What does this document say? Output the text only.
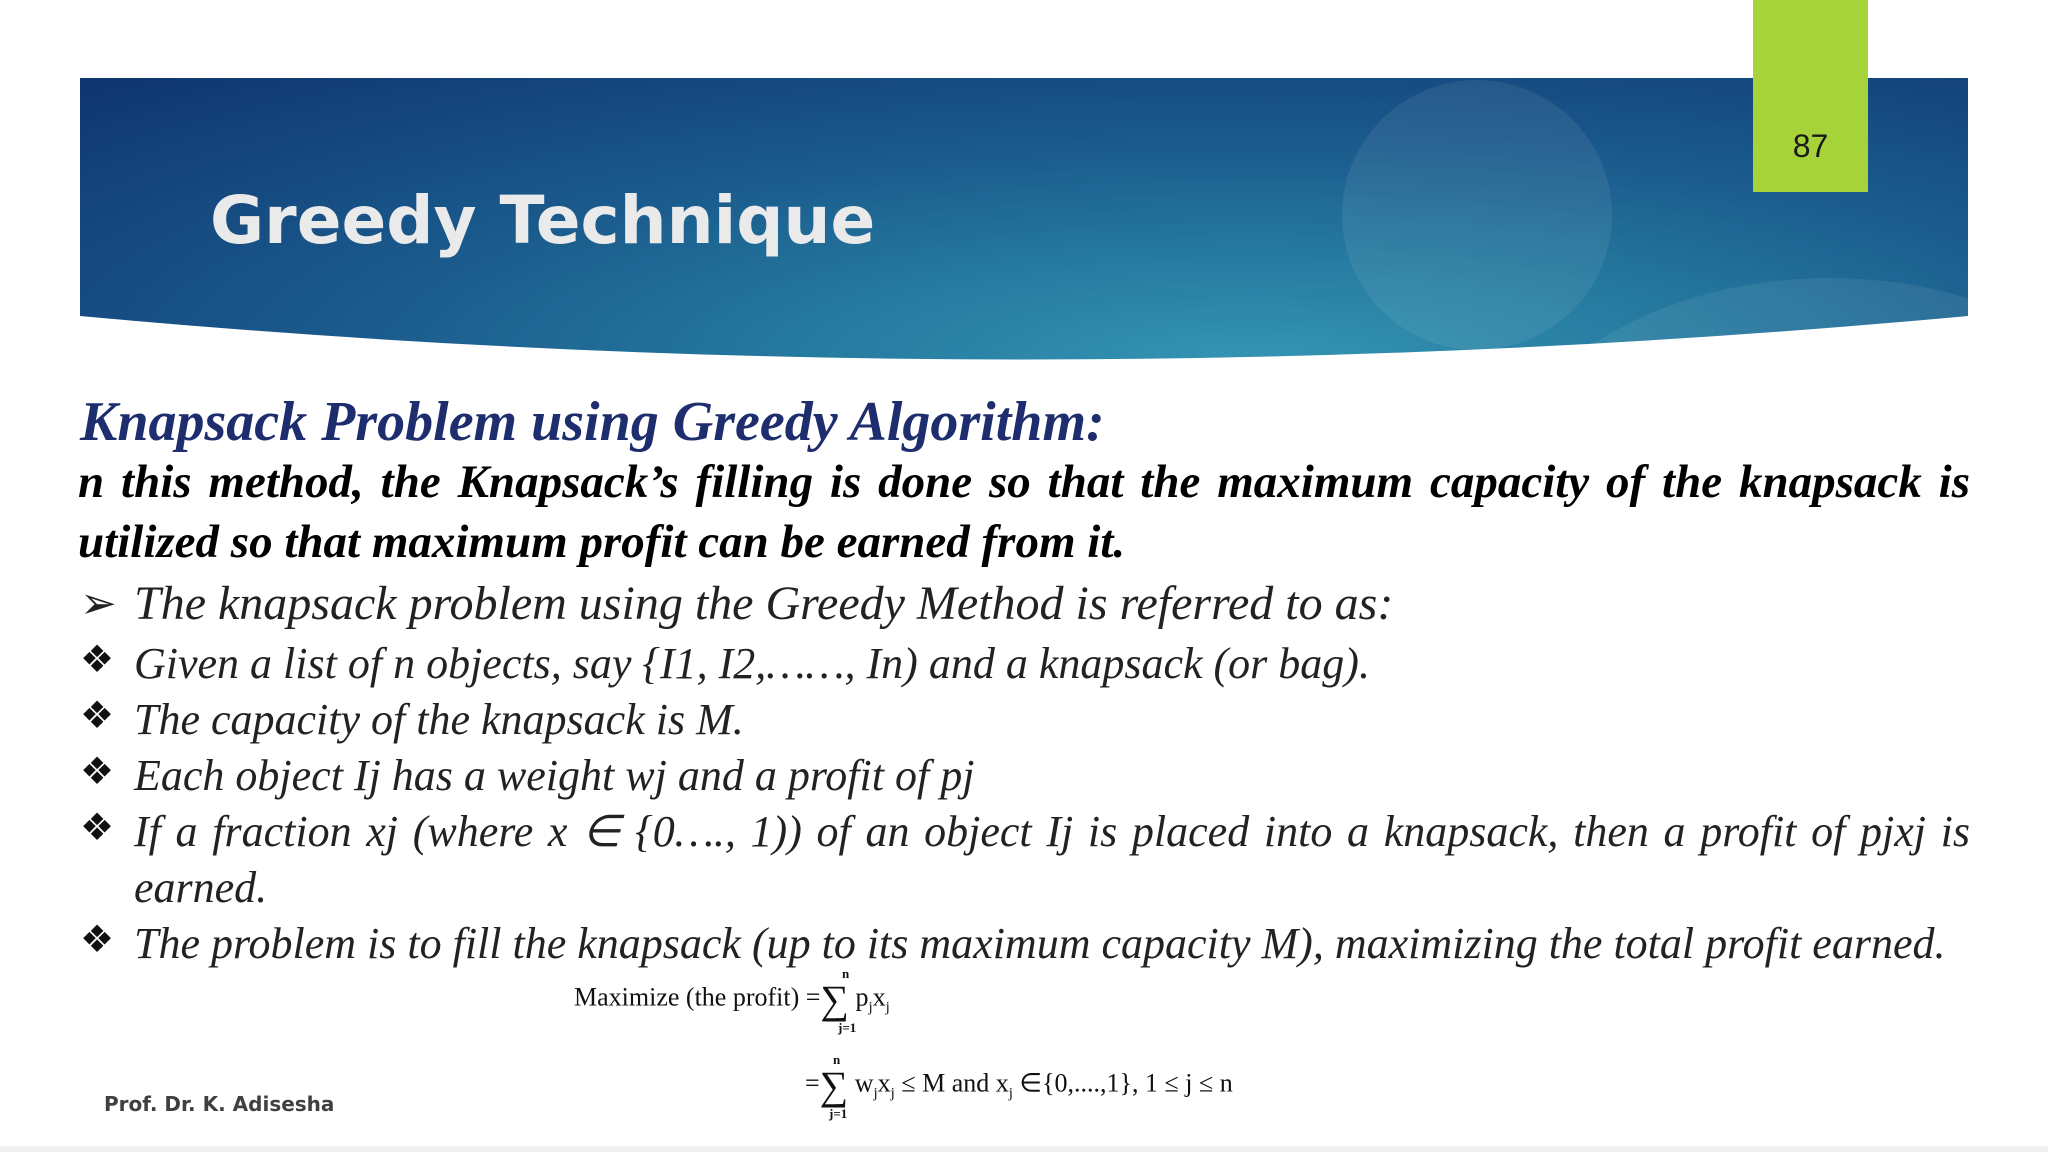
Greedy Technique
87
Knapsack Problem using Greedy Algorithm:

n this method, the Knapsack’s filling is done so that the maximum capacity of the knapsack is utilized so that maximum profit can be earned from it.

➢ The knapsack problem using the Greedy Method is referred to as:
❖ Given a list of n objects, say {I1, I2,……, In) and a knapsack (or bag).
❖ The capacity of the knapsack is M.
❖ Each object Ij has a weight wj and a profit of pj
❖ If a fraction xj (where x ∈ {0…., 1)) of an object Ij is placed into a knapsack, then a profit of pjxj is earned.
❖ The problem is to fill the knapsack (up to its maximum capacity M), maximizing the total profit earned.
Maximize (the profit) =∑
n
j=1
$p_jx_j$
=∑
n
j=1
$w_jx_j \le M$ and $x_j$ ∈{0,....,1}, 1 ≤ j ≤ n

Prof. Dr. K. Adisesha
